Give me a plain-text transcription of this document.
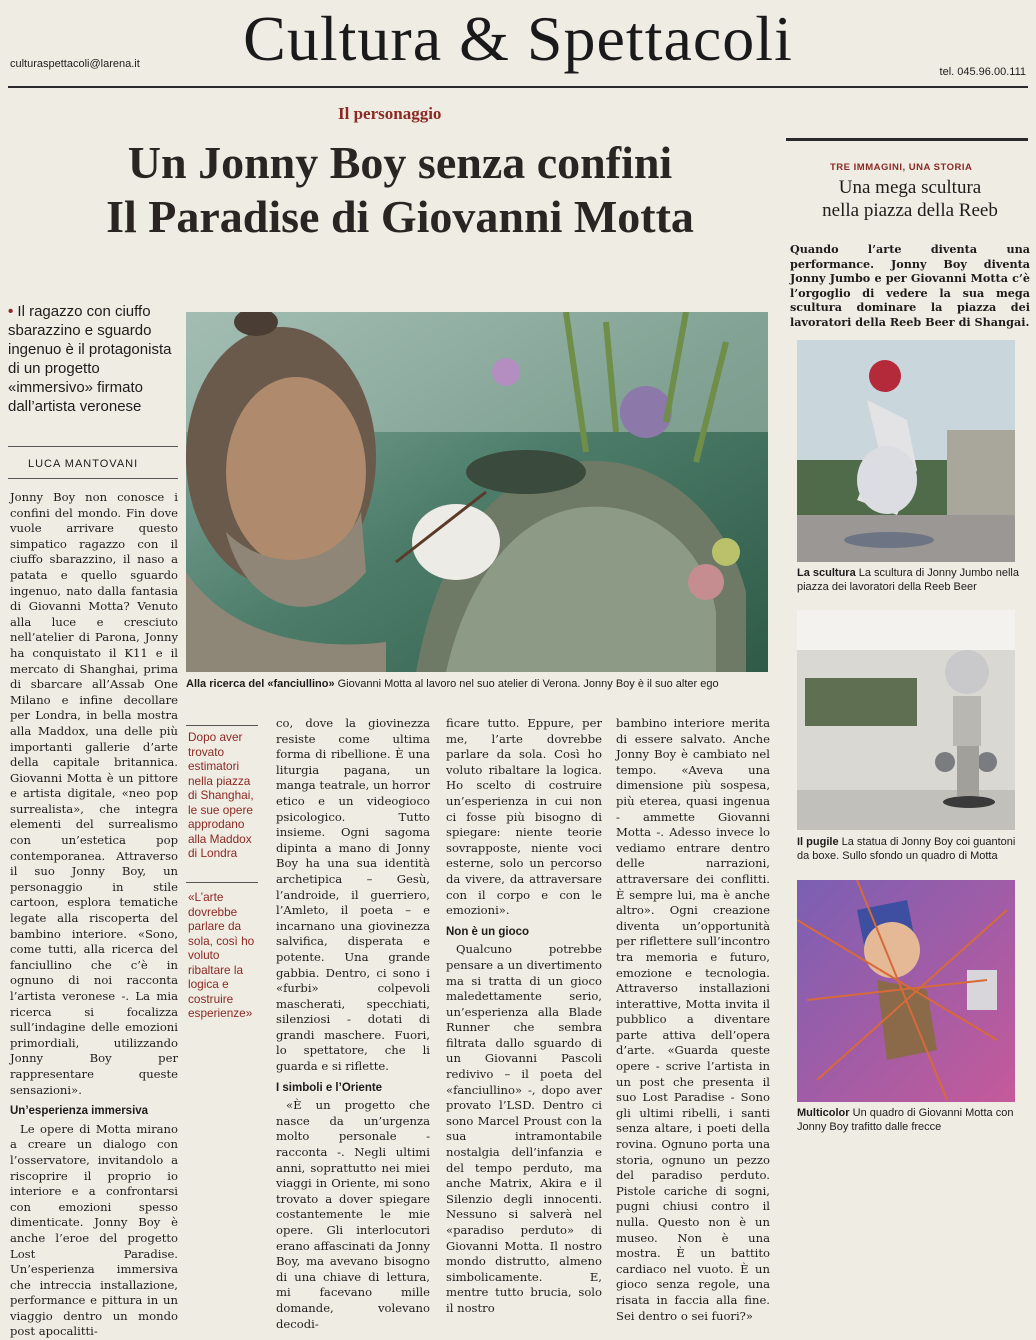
Cultura & Spettacoli
culturaspettacoli@larena.it
tel. 045.96.00.111
Il personaggio
Un Jonny Boy senza confini
Il Paradise di Giovanni Motta
• Il ragazzo con ciuffo sbarazzino e sguardo ingenuo è il protagonista di un progetto «immersivo» firmato dall’artista veronese
LUCA MANTOVANI
Alla ricerca del «fanciullino» Giovanni Motta al lavoro nel suo atelier di Verona. Jonny Boy è il suo alter ego

Jonny Boy non conosce i confini del mondo. Fin dove vuole arrivare questo simpatico ragazzo con il ciuffo sbarazzino, il naso a patata e quello sguardo ingenuo, nato dalla fantasia di Giovanni Motta? Venuto alla luce e cresciuto nell’atelier di Parona, Jonny ha conquistato il K11 e il mercato di Shanghai, prima di sbarcare all’Assab One Milano e infine decollare per Londra, in bella mostra alla Maddox, una delle più importanti gallerie d’arte della capitale britannica. Giovanni Motta è un pittore e artista digitale, «neo pop surrealista», che integra elementi del surrealismo con un’estetica pop contemporanea. Attraverso il suo Jonny Boy, un personaggio in stile cartoon, esplora tematiche legate alla riscoperta del bambino interiore. «Sono, come tutti, alla ricerca del fanciullino che c’è in ognuno di noi racconta l’artista veronese -. La mia ricerca si focalizza sull’indagine delle emozioni primordiali, utilizzando Jonny Boy per rappresentare queste sensazioni».

Un’esperienza immersiva

Le opere di Motta mirano a creare un dialogo con l’osservatore, invitandolo a riscoprire il proprio io interiore e a confrontarsi con emozioni spesso dimenticate. Jonny Boy è anche l’eroe del progetto Lost Paradise. Un’esperienza immersiva che intreccia installazione, performance e pittura in un viaggio dentro un mondo post apocalitti-

Dopo aver trovato estimatori nella piazza di Shanghai, le sue opere approdano alla Maddox di Londra
«L’arte dovrebbe parlare da sola, così ho voluto ribaltare la logica e costruire esperienze»

co, dove la giovinezza resiste come ultima forma di ribellione. È una liturgia pagana, un manga teatrale, un horror etico e un videogioco psicologico. Tutto insieme. Ogni sagoma dipinta a mano di Jonny Boy ha una sua identità archetipica – Gesù, l’androide, il guerriero, l’Amleto, il poeta – e incarnano una giovinezza salvifica, disperata e potente. Una grande gabbia. Dentro, ci sono i «furbi» colpevoli mascherati, specchiati, silenziosi - dotati di grandi maschere. Fuori, lo spettatore, che li guarda e si riflette.

I simboli e l’Oriente

«È un progetto che nasce da un’urgenza molto personale - racconta -. Negli ultimi anni, soprattutto nei miei viaggi in Oriente, mi sono trovato a dover spiegare costantemente le mie opere. Gli interlocutori erano affascinati da Jonny Boy, ma avevano bisogno di una chiave di lettura, mi facevano mille domande, volevano decodi-

ficare tutto. Eppure, per me, l’arte dovrebbe parlare da sola. Così ho voluto ribaltare la logica. Ho scelto di costruire un’esperienza in cui non ci fosse più bisogno di spiegare: niente teorie sovrapposte, niente voci esterne, solo un percorso da vivere, da attraversare con il corpo e con le emozioni».

Non è un gioco

Qualcuno potrebbe pensare a un divertimento ma si tratta di un gioco maledettamente serio, un’esperienza alla Blade Runner che sembra filtrata dallo sguardo di un Giovanni Pascoli redivivo – il poeta del «fanciullino» -, dopo aver provato l’LSD. Dentro ci sono Marcel Proust con la sua intramontabile nostalgia dell’infanzia e del tempo perduto, ma anche Matrix, Akira e il Silenzio degli innocenti. Nessuno si salverà nel «paradiso perduto» di Giovanni Motta. Il nostro mondo distrutto, almeno simbolicamente. E, mentre tutto brucia, solo il nostro

bambino interiore merita di essere salvato. Anche Jonny Boy è cambiato nel tempo. «Aveva una dimensione più sospesa, più eterea, quasi ingenua - ammette Giovanni Motta -. Adesso invece lo vediamo entrare dentro delle narrazioni, attraversare dei conflitti. È sempre lui, ma è anche altro». Ogni creazione diventa un’opportunità per riflettere sull’incontro tra memoria e futuro, emozione e tecnologia. Attraverso installazioni interattive, Motta invita il pubblico a diventare parte attiva dell’opera d’arte. «Guarda queste opere - scrive l’artista in un post che presenta il suo Lost Paradise - Sono gli ultimi ribelli, i santi senza altare, i poeti della rovina. Ognuno porta una storia, ognuno un pezzo del paradiso perduto. Pistole cariche di sogni, pugni chiusi contro il nulla. Questo non è un museo. Non è una mostra. È un battito cardiaco nel vuoto. È un gioco senza regole, una risata in faccia alla fine. Sei dentro o sei fuori?»

TRE IMMAGINI, UNA STORIA
Una mega scultura
nella piazza della Reeb
Quando l’arte diventa una performance. Jonny Boy diventa Jonny Jumbo e per Giovanni Motta c’è l’orgoglio di vedere la sua mega scultura dominare la piazza dei lavoratori della Reeb Beer di Shangai.
La scultura La scultura di Jonny Jumbo nella piazza dei lavoratori della Reeb Beer
Il pugile La statua di Jonny Boy coi guantoni da boxe. Sullo sfondo un quadro di Motta
Multicolor Un quadro di Giovanni Motta con Jonny Boy trafitto dalle frecce
